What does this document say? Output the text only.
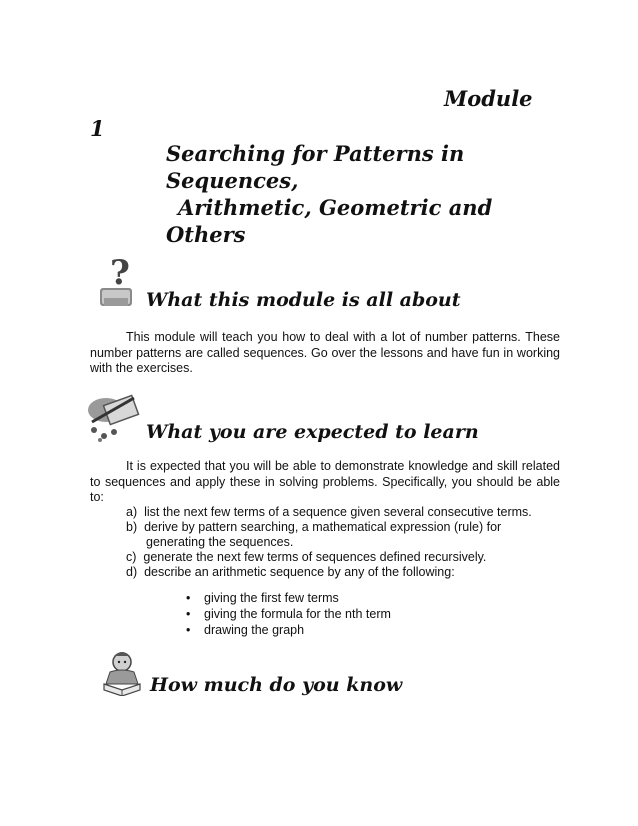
Module
1
Searching for Patterns in
Sequences,
Arithmetic, Geometric and
Others
?
What this module is all about

This module will teach you how to deal with a lot of number patterns. These number patterns are called sequences. Go over the lessons and have fun in working with the exercises.

What you are expected to learn

It is expected that you will be able to demonstrate knowledge and skill related to sequences and apply these in solving problems. Specifically, you should be able to:

a) list the next few terms of a sequence given several consecutive terms.
b) derive by pattern searching, a mathematical expression (rule) for
generating the sequences.
c) generate the next few terms of sequences defined recursively.
d) describe an arithmetic sequence by any of the following:
• giving the first few terms
• giving the formula for the nth term
• drawing the graph
How much do you know
